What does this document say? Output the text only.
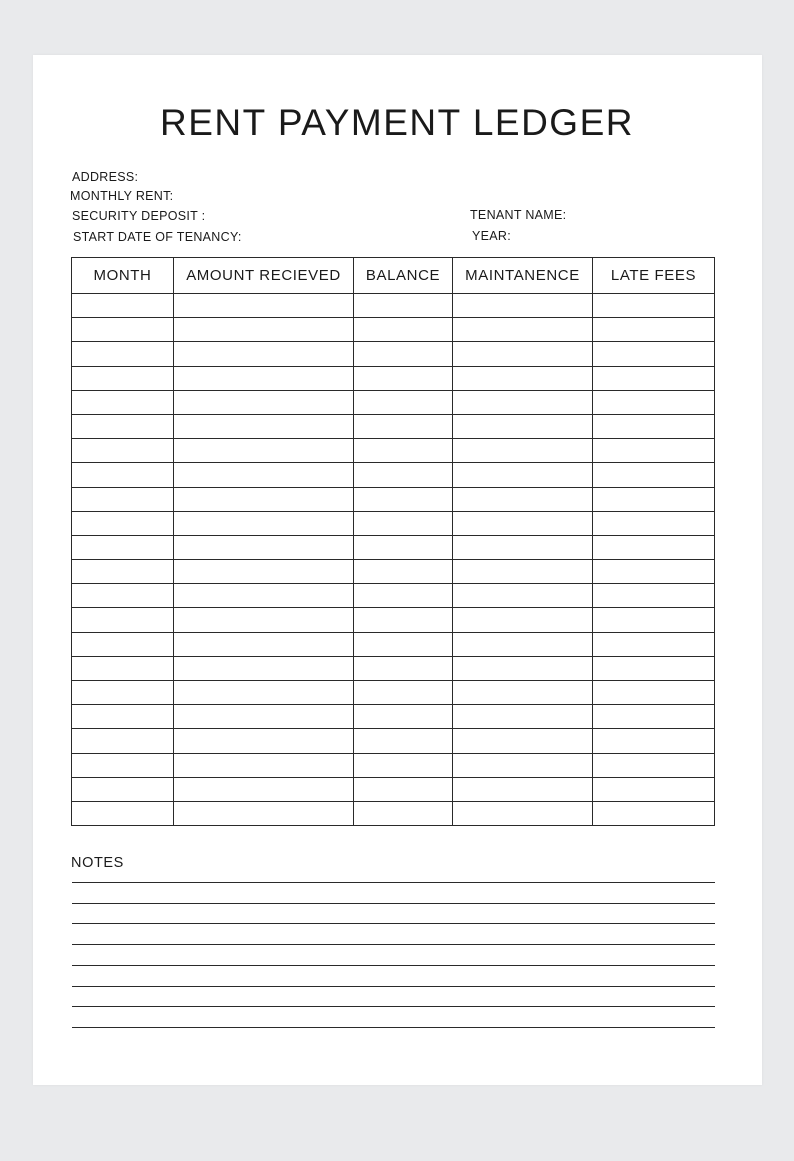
RENT PAYMENT LEDGER
ADDRESS:
MONTHLY RENT:
SECURITY DEPOSIT :
START DATE OF TENANCY:
TENANT NAME:
YEAR:
MONTH	AMOUNT RECIEVED	BALANCE	MAINTANENCE	LATE FEES

NOTES
